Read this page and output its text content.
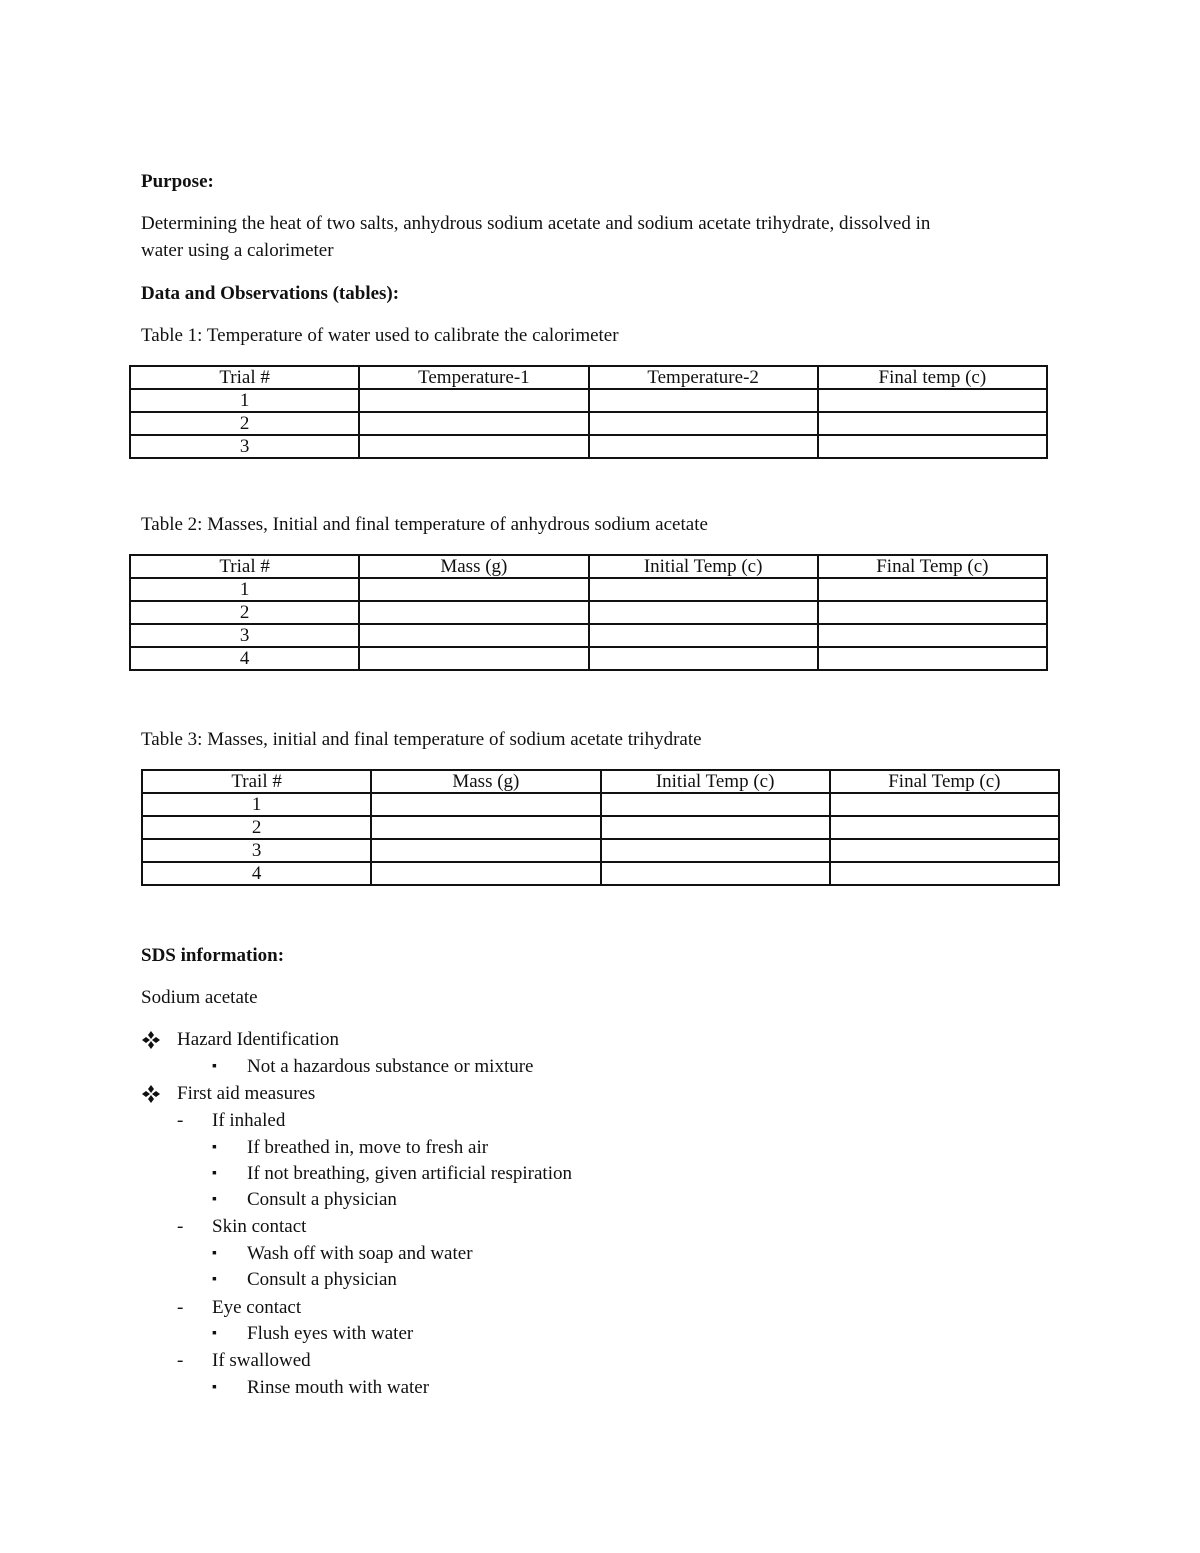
Purpose:
Determining the heat of two salts, anhydrous sodium acetate and sodium acetate trihydrate, dissolved in
water using a calorimeter
Data and Observations (tables):
Table 1: Temperature of water used to calibrate the calorimeter
Trial #	Temperature-1	Temperature-2	Final temp (c)
1			
2			
3			
Table 2: Masses, Initial and final temperature of anhydrous sodium acetate
Trial #	Mass (g)	Initial Temp (c)	Final Temp (c)
1			
2			
3			
4			
Table 3: Masses, initial and final temperature of sodium acetate trihydrate
Trail #	Mass (g)	Initial Temp (c)	Final Temp (c)
1			
2			
3			
4			
SDS information:
Sodium acetate
Hazard Identification
▪ Not a hazardous substance or mixture
First aid measures
- If inhaled
▪ If breathed in, move to fresh air
▪ If not breathing, given artificial respiration
▪ Consult a physician
- Skin contact
▪ Wash off with soap and water
▪ Consult a physician
- Eye contact
▪ Flush eyes with water
- If swallowed
▪ Rinse mouth with water
